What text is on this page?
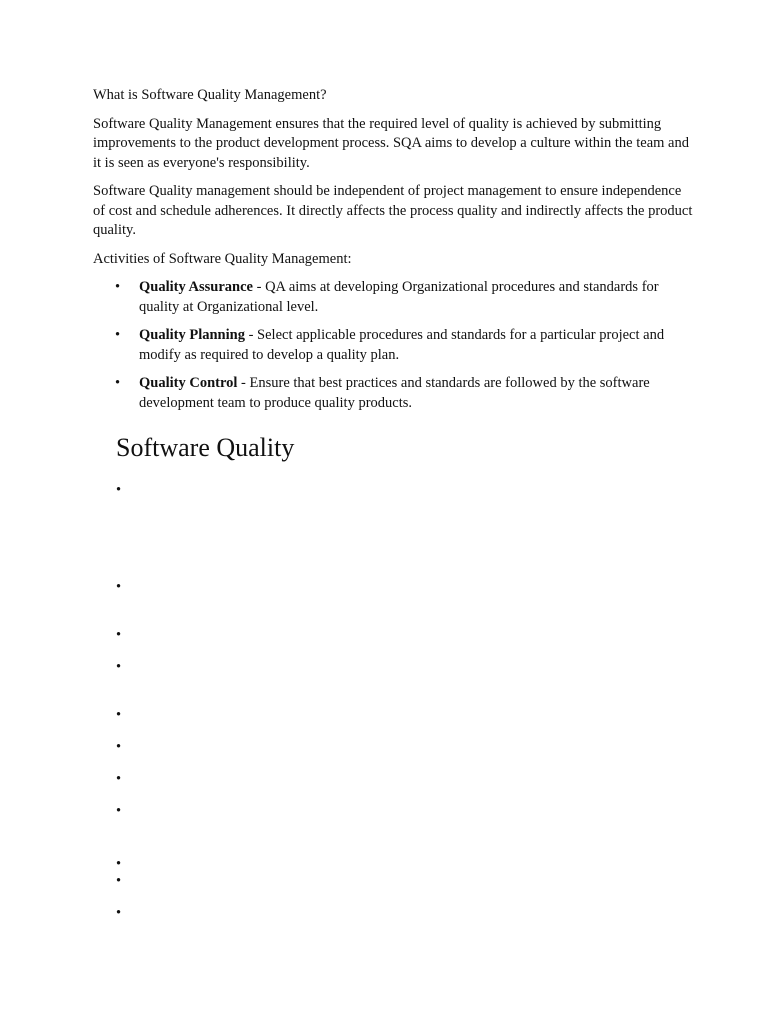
What is Software Quality Management?

Software Quality Management ensures that the required level of quality is achieved by submitting improvements to the product development process. SQA aims to develop a culture within the team and it is seen as everyone's responsibility.

Software Quality management should be independent of project management to ensure independence of cost and schedule adherences. It directly affects the process quality and indirectly affects the product quality.

Activities of Software Quality Management:

• Quality Assurance - QA aims at developing Organizational procedures and standards for quality at Organizational level.
• Quality Planning - Select applicable procedures and standards for a particular project and modify as required to develop a quality plan.
• Quality Control - Ensure that best practices and standards are followed by the software development team to produce quality products.
Software Quality
•
•
•
•
•
•
•
•
•
•
•
